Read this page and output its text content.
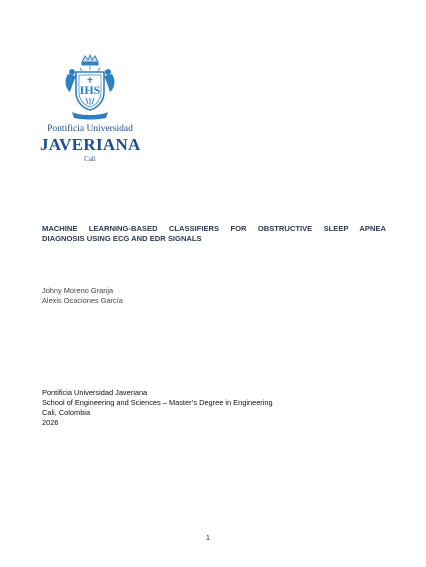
IHS
Pontificia Universidad
JAVERIANA
Cali
MACHINE LEARNING-BASED CLASSIFIERS FOR OBSTRUCTIVE SLEEP APNEA
DIAGNOSIS USING ECG AND EDR SIGNALS
Johny Moreno Granja
Alexis Ocaciones García
Pontificia Universidad Javeriana
School of Engineering and Sciences – Master’s Degree in Engineering
Cali, Colombia
2026
1
